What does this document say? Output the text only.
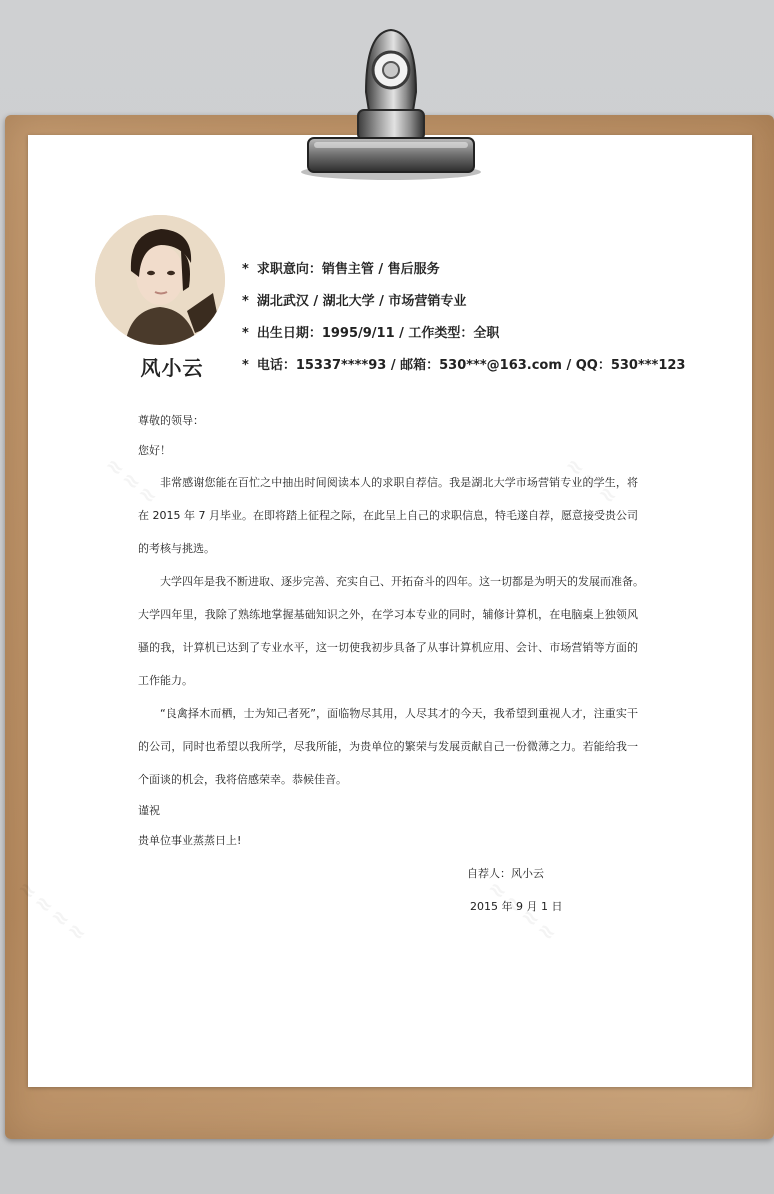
风小云
* 求职意向：销售主管 / 售后服务
* 湖北武汉 / 湖北大学 / 市场营销专业
* 出生日期：1995/9/11 / 工作类型：全职
* 电话：15337****93 / 邮箱：530***@163.com / QQ：530***123
尊敬的领导：
您好！
非常感谢您能在百忙之中抽出时间阅读本人的求职自荐信。我是湖北大学市场营销专业的学生，将
在 2015 年 7 月毕业。在即将踏上征程之际，在此呈上自己的求职信息，特毛遂自荐，愿意接受贵公司
的考核与挑选。
大学四年是我不断进取、逐步完善、充实自己、开拓奋斗的四年。这一切都是为明天的发展而准备。
大学四年里，我除了熟练地掌握基础知识之外，在学习本专业的同时，辅修计算机，在电脑桌上独领风
骚的我，计算机已达到了专业水平，这一切使我初步具备了从事计算机应用、会计、市场营销等方面的
工作能力。
“良禽择木而栖，士为知己者死”，面临物尽其用，人尽其才的今天，我希望到重视人才，注重实干
的公司，同时也希望以我所学，尽我所能，为贵单位的繁荣与发展贡献自己一份微薄之力。若能给我一
个面谈的机会，我将倍感荣幸。恭候佳音。
谨祝
贵单位事业蒸蒸日上!
自荐人：风小云
2015 年 9 月 1 日
